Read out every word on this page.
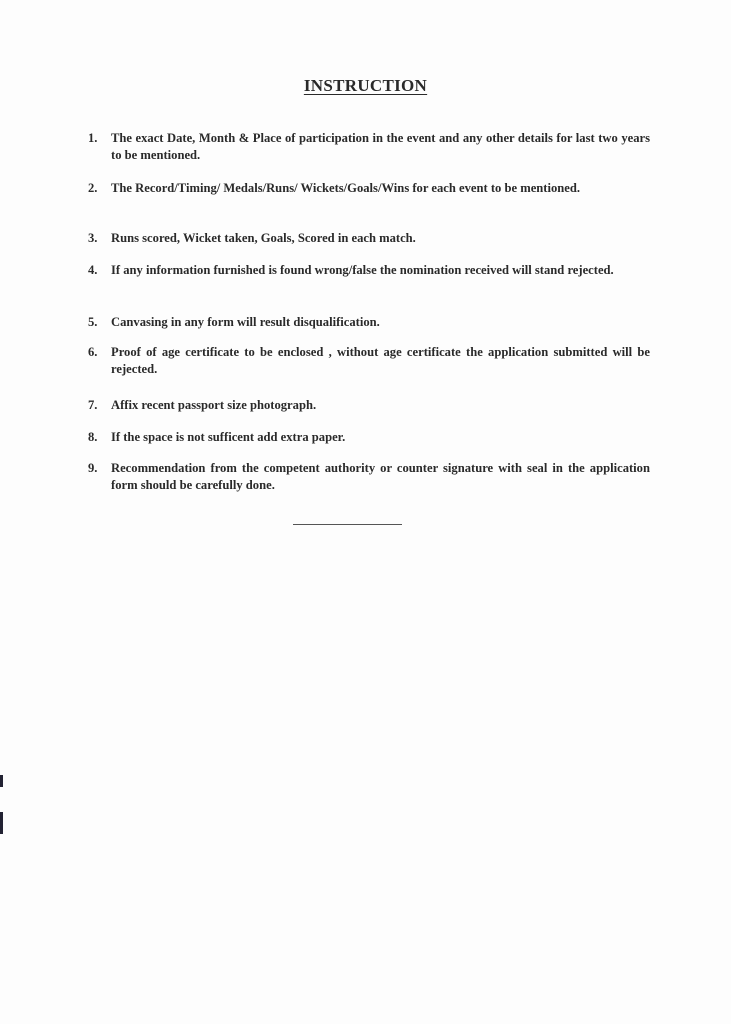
INSTRUCTION
1.	The exact Date, Month & Place of participation in the event and any other details for last two years to be mentioned.
2.	The Record/Timing/ Medals/Runs/ Wickets/Goals/Wins for each event to be mentioned.
3.	Runs scored, Wicket taken, Goals, Scored in each match.
4.	If any information furnished is found wrong/false the nomination received will stand rejected.
5.	Canvasing in any form will result disqualification.
6.	Proof of age certificate to be enclosed , without age certificate the application submitted will be rejected.
7.	Affix recent passport size photograph.
8.	If the space is not sufficent add extra paper.
9.	Recommendation from the competent authority or counter signature with seal in the application form should be carefully done.
